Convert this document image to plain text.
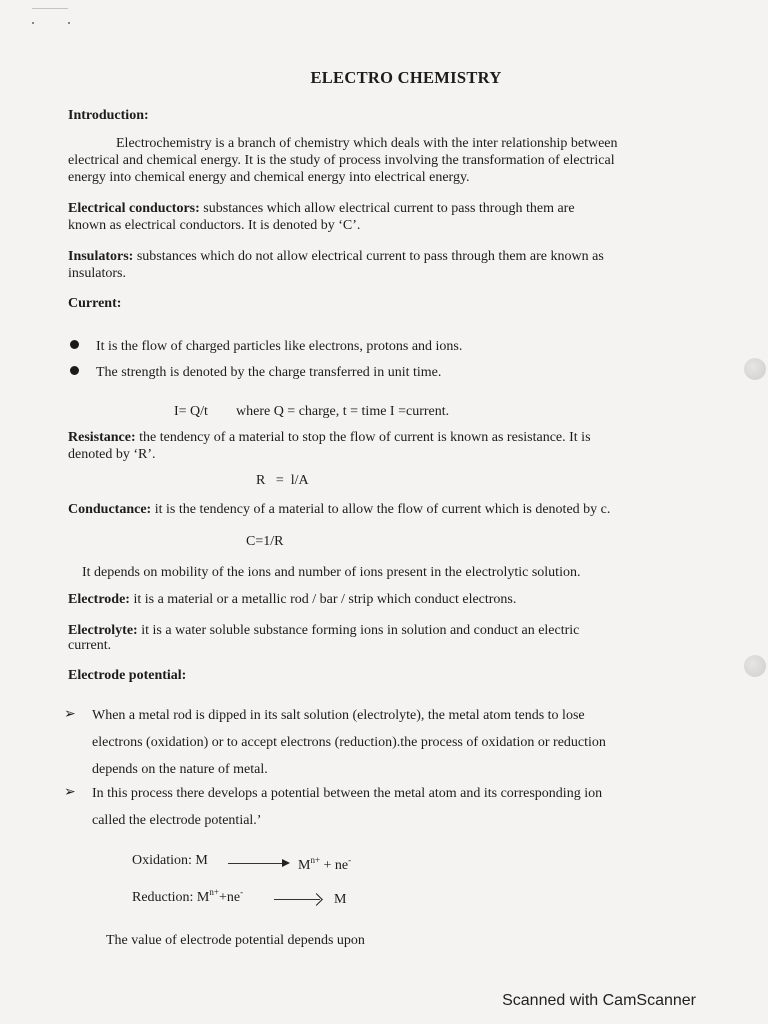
ELECTRO CHEMISTRY
Introduction:
Electrochemistry is a branch of chemistry which deals with the inter relationship between
electrical and chemical energy. It is the study of process involving the transformation of electrical
energy into chemical energy and chemical energy into electrical energy.
Electrical conductors: substances which allow electrical current to pass through them are
known as electrical conductors. It is denoted by ‘C’.
Insulators: substances which do not allow electrical current to pass through them are known as
insulators.
Current:
It is the flow of charged particles like electrons, protons and ions.
The strength is denoted by the charge transferred in unit time.
I= Q/t where Q = charge, t = time I =current.
Resistance: the tendency of a material to stop the flow of current is known as resistance. It is
denoted by ‘R’.
R   =  l/A
Conductance: it is the tendency of a material to allow the flow of current which is denoted by c.
C=1/R
It depends on mobility of the ions and number of ions present in the electrolytic solution.
Electrode: it is a material or a metallic rod / bar / strip which conduct electrons.
Electrolyte: it is a water soluble substance forming ions in solution and conduct an electric
current.
Electrode potential:
➢ When a metal rod is dipped in its salt solution (electrolyte), the metal atom tends to lose
electrons (oxidation) or to accept electrons (reduction).the process of oxidation or reduction
depends on the nature of metal.
➢ In this process there develops a potential between the metal atom and its corresponding ion
called the electrode potential.’
Oxidation: M	$M^{n+} + ne^-$
Reduction: $M^{n+}+ne^-$	M
The value of electrode potential depends upon
Scanned with CamScanner
